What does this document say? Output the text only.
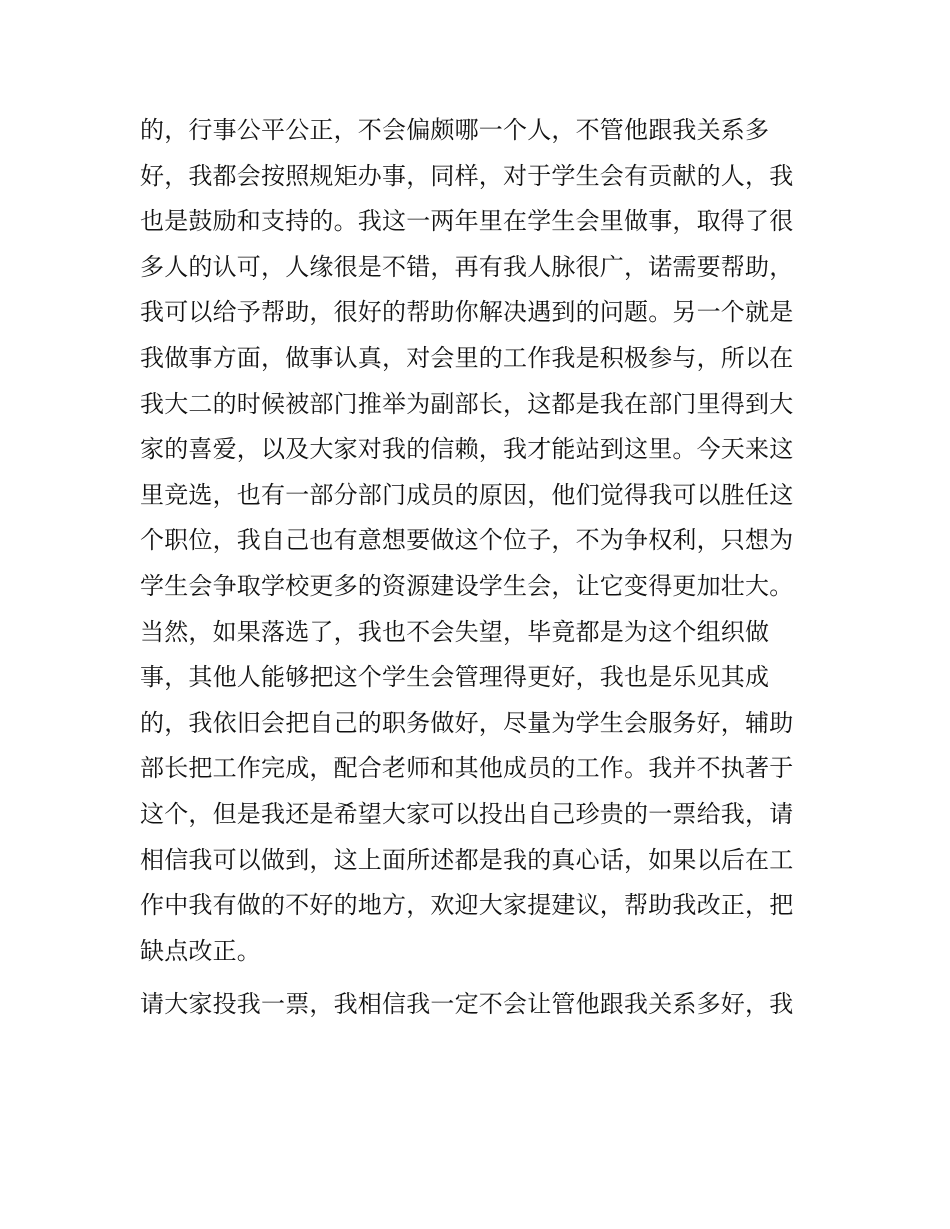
的，行事公平公正，不会偏颇哪一个人，不管他跟我关系多
好，我都会按照规矩办事，同样，对于学生会有贡献的人，我
也是鼓励和支持的。我这一两年里在学生会里做事，取得了很
多人的认可，人缘很是不错，再有我人脉很广，诺需要帮助，
我可以给予帮助，很好的帮助你解决遇到的问题。另一个就是
我做事方面，做事认真，对会里的工作我是积极参与，所以在
我大二的时候被部门推举为副部长，这都是我在部门里得到大
家的喜爱，以及大家对我的信赖，我才能站到这里。今天来这
里竞选，也有一部分部门成员的原因，他们觉得我可以胜任这
个职位，我自己也有意想要做这个位子，不为争权利，只想为
学生会争取学校更多的资源建设学生会，让它变得更加壮大。
当然，如果落选了，我也不会失望，毕竟都是为这个组织做
事，其他人能够把这个学生会管理得更好，我也是乐见其成
的，我依旧会把自己的职务做好，尽量为学生会服务好，辅助
部长把工作完成，配合老师和其他成员的工作。我并不执著于
这个，但是我还是希望大家可以投出自己珍贵的一票给我，请
相信我可以做到，这上面所述都是我的真心话，如果以后在工
作中我有做的不好的地方，欢迎大家提建议，帮助我改正，把
缺点改正。
请大家投我一票，我相信我一定不会让管他跟我关系多好，我
